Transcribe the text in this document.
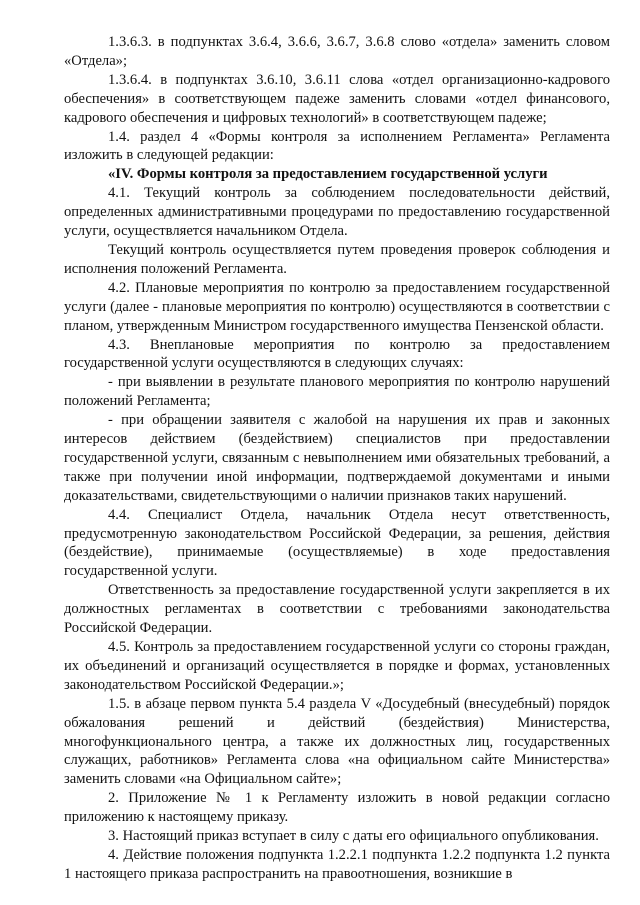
1.3.6.3. в подпунктах 3.6.4, 3.6.6, 3.6.7, 3.6.8 слово «отдела» заменить словом «Отдела»;

1.3.6.4. в подпунктах 3.6.10, 3.6.11 слова «отдел организационно-кадрового обеспечения» в соответствующем падеже заменить словами «отдел финансового, кадрового обеспечения и цифровых технологий» в соответствующем падеже;

1.4. раздел 4 «Формы контроля за исполнением Регламента» Регламента изложить в следующей редакции:

«IV. Формы контроля за предоставлением государственной услуги

4.1. Текущий контроль за соблюдением последовательности действий, определенных административными процедурами по предоставлению государственной услуги, осуществляется начальником Отдела.

Текущий контроль осуществляется путем проведения проверок соблюдения и исполнения положений Регламента.

4.2. Плановые мероприятия по контролю за предоставлением государственной услуги (далее - плановые мероприятия по контролю) осуществляются в соответствии с планом, утвержденным Министром государственного имущества Пензенской области.

4.3. Внеплановые мероприятия по контролю за предоставлением государственной услуги осуществляются в следующих случаях:

- при выявлении в результате планового мероприятия по контролю нарушений положений Регламента;

- при обращении заявителя с жалобой на нарушения их прав и законных интересов действием (бездействием) специалистов при предоставлении государственной услуги, связанным с невыполнением ими обязательных требований, а также при получении иной информации, подтверждаемой документами и иными доказательствами, свидетельствующими о наличии признаков таких нарушений.

4.4. Специалист Отдела, начальник Отдела несут ответственность, предусмотренную законодательством Российской Федерации, за решения, действия (бездействие), принимаемые (осуществляемые) в ходе предоставления государственной услуги.

Ответственность за предоставление государственной услуги закрепляется в их должностных регламентах в соответствии с требованиями законодательства Российской Федерации.

4.5. Контроль за предоставлением государственной услуги со стороны граждан, их объединений и организаций осуществляется в порядке и формах, установленных законодательством Российской Федерации.»;

1.5. в абзаце первом пункта 5.4 раздела V «Досудебный (внесудебный) порядок обжалования решений и действий (бездействия) Министерства, многофункционального центра, а также их должностных лиц, государственных служащих, работников» Регламента слова «на официальном сайте Министерства» заменить словами «на Официальном сайте»;

2. Приложение № 1 к Регламенту изложить в новой редакции согласно приложению к настоящему приказу.

3. Настоящий приказ вступает в силу с даты его официального опубликования.

4. Действие положения подпункта 1.2.2.1 подпункта 1.2.2 подпункта 1.2 пункта 1 настоящего приказа распространить на правоотношения, возникшие в
